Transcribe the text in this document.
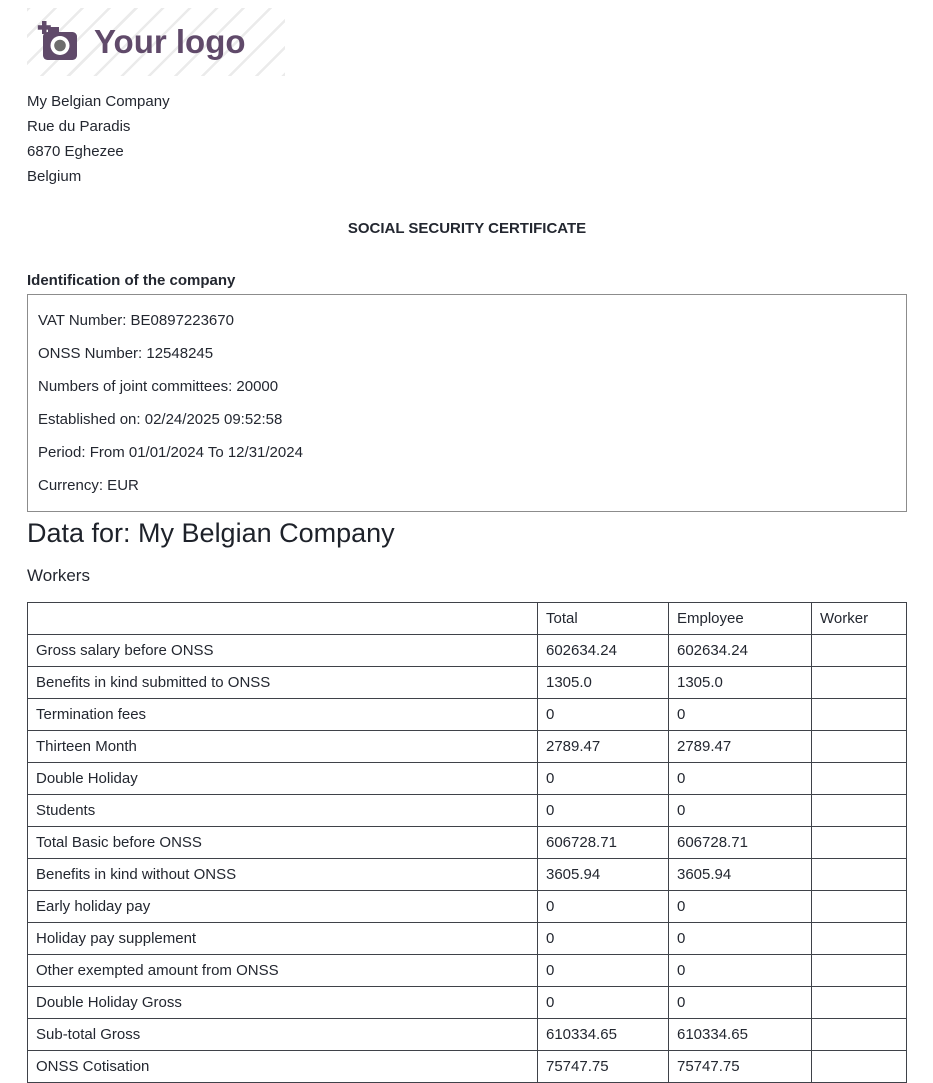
Your logo
My Belgian Company
Rue du Paradis
6870 Eghezee
Belgium
SOCIAL SECURITY CERTIFICATE
Identification of the company
VAT Number: BE0897223670
ONSS Number: 12548245
Numbers of joint committees: 20000
Established on: 02/24/2025 09:52:58
Period: From 01/01/2024 To 12/31/2024
Currency: EUR
Data for: My Belgian Company
Workers
	Total	Employee	Worker
Gross salary before ONSS	602634.24	602634.24	
Benefits in kind submitted to ONSS	1305.0	1305.0	
Termination fees	0	0	
Thirteen Month	2789.47	2789.47	
Double Holiday	0	0	
Students	0	0	
Total Basic before ONSS	606728.71	606728.71	
Benefits in kind without ONSS	3605.94	3605.94	
Early holiday pay	0	0	
Holiday pay supplement	0	0	
Other exempted amount from ONSS	0	0	
Double Holiday Gross	0	0	
Sub-total Gross	610334.65	610334.65	
ONSS Cotisation	75747.75	75747.75	
